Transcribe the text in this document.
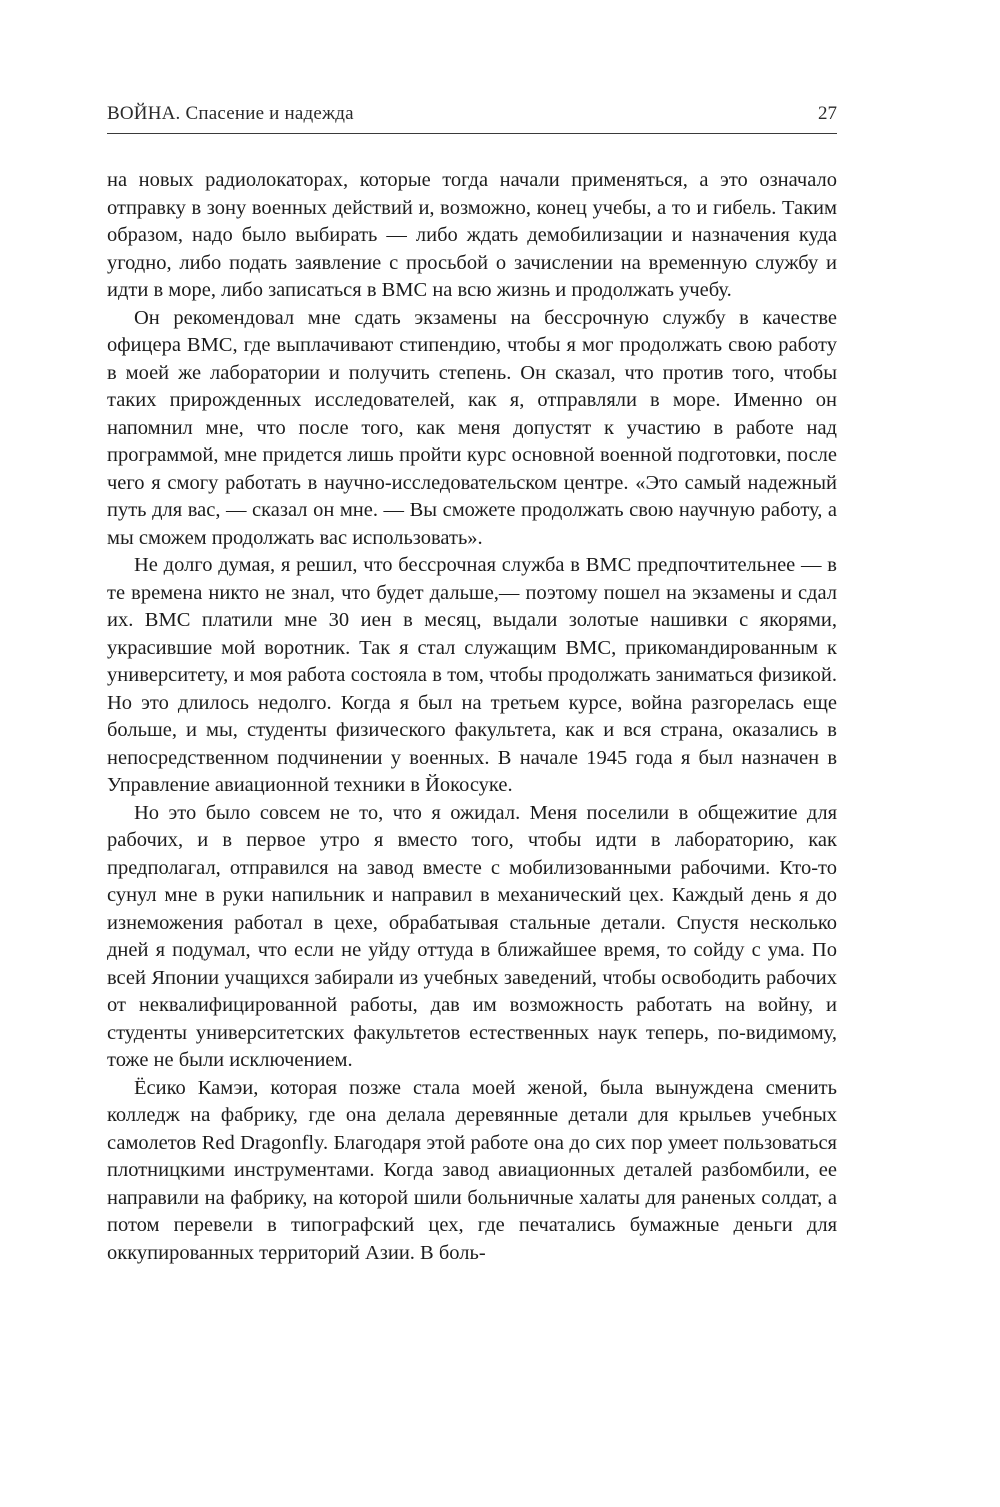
ВОЙНА. Спасение и надежда	27

на новых радиолокаторах, которые тогда начали применяться, а это означало отправку в зону военных действий и, возможно, конец учебы, а то и гибель. Таким образом, надо было выбирать — либо ждать демобилизации и назначения куда угодно, либо подать заявление с просьбой о зачислении на временную службу и идти в море, либо записаться в ВМС на всю жизнь и продолжать учебу.

Он рекомендовал мне сдать экзамены на бессрочную службу в качестве офицера ВМС, где выплачивают стипендию, чтобы я мог продолжать свою работу в моей же лаборатории и получить степень. Он сказал, что против того, чтобы таких прирожденных исследователей, как я, отправляли в море. Именно он напомнил мне, что после того, как меня допустят к участию в работе над программой, мне придется лишь пройти курс основной военной подготовки, после чего я смогу работать в научно-исследовательском центре. «Это самый надежный путь для вас, — сказал он мне. — Вы сможете продолжать свою научную работу, а мы сможем продолжать вас использовать».

Не долго думая, я решил, что бессрочная служба в ВМС предпочтительнее — в те времена никто не знал, что будет дальше,— поэтому пошел на экзамены и сдал их. ВМС платили мне 30 иен в месяц, выдали золотые нашивки с якорями, украсившие мой воротник. Так я стал служащим ВМС, прикомандированным к университету, и моя работа состояла в том, чтобы продолжать заниматься физикой. Но это длилось недолго. Когда я был на третьем курсе, война разгорелась еще больше, и мы, студенты физического факультета, как и вся страна, оказались в непосредственном подчинении у военных. В начале 1945 года я был назначен в Управление авиационной техники в Йокосуке.

Но это было совсем не то, что я ожидал. Меня поселили в общежитие для рабочих, и в первое утро я вместо того, чтобы идти в лабораторию, как предполагал, отправился на завод вместе с мобилизованными рабочими. Кто-то сунул мне в руки напильник и направил в механический цех. Каждый день я до изнеможения работал в цехе, обрабатывая стальные детали. Спустя несколько дней я подумал, что если не уйду оттуда в ближайшее время, то сойду с ума. По всей Японии учащихся забирали из учебных заведений, чтобы освободить рабочих от неквалифицированной работы, дав им возможность работать на войну, и студенты университетских факультетов естественных наук теперь, по-видимому, тоже не были исключением.

Ёсико Камэи, которая позже стала моей женой, была вынуждена сменить колледж на фабрику, где она делала деревянные детали для крыльев учебных самолетов Red Dragonfly. Благодаря этой работе она до сих пор умеет пользоваться плотницкими инструментами. Когда завод авиационных деталей разбомбили, ее направили на фабрику, на которой шили больничные халаты для раненых солдат, а потом перевели в типографский цех, где печатались бумажные деньги для оккупированных территорий Азии. В боль-
